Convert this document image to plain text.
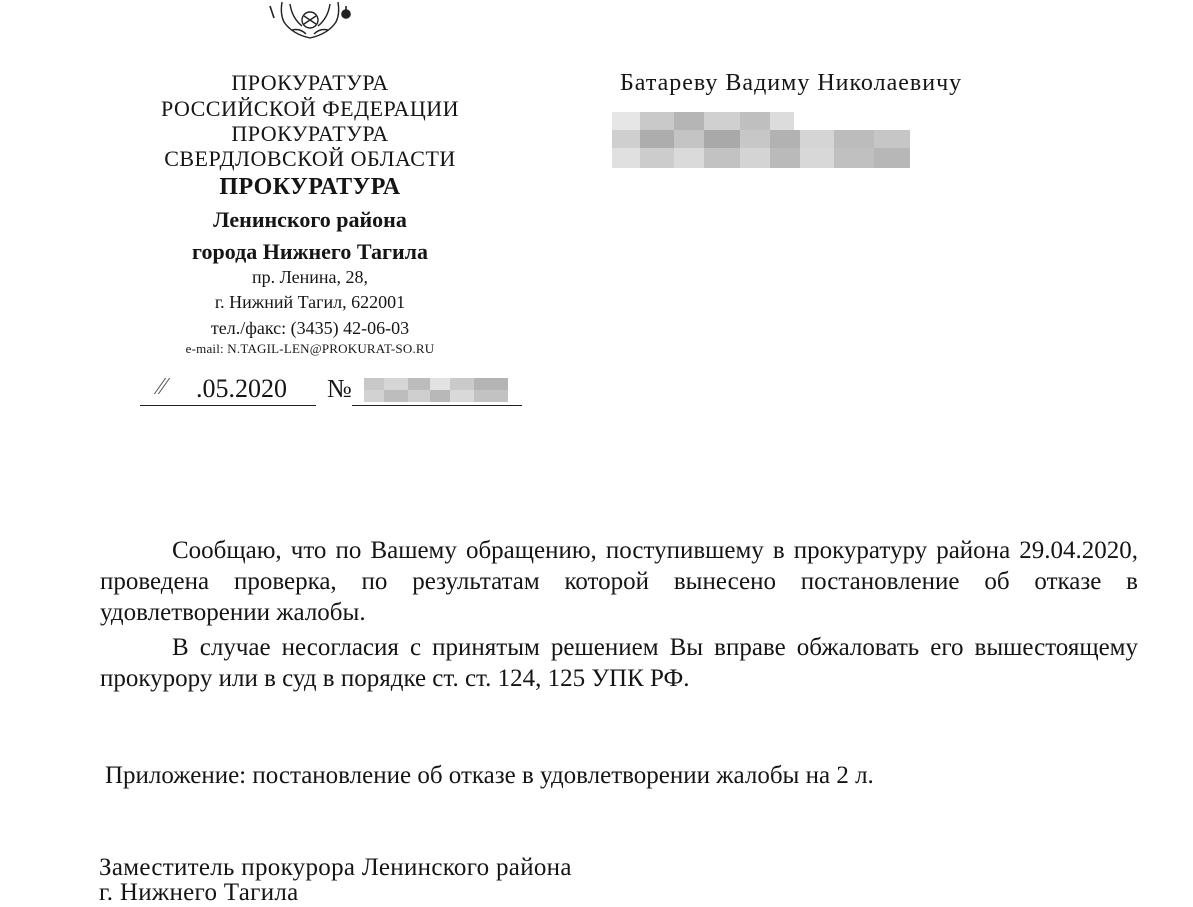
ПРОКУРАТУРА
РОССИЙСКОЙ ФЕДЕРАЦИИ
ПРОКУРАТУРА
СВЕРДЛОВСКОЙ ОБЛАСТИ
ПРОКУРАТУРА
Ленинского района
города Нижнего Тагила
пр. Ленина, 28,
г. Нижний Тагил, 622001
тел./факс: (3435) 42-06-03
e-mail: N.TAGIL-LEN@PROKURAT-SO.RU
⁄⁄ .05.2020 №
Батареву Вадиму Николаевичу
Сообщаю, что по Вашему обращению, поступившему в прокуратуру района 29.04.2020, проведена проверка, по результатам которой вынесено постановление об отказе в удовлетворении жалобы.
В случае несогласия с принятым решением Вы вправе обжаловать его вышестоящему прокурору или в суд в порядке ст. ст. 124, 125 УПК РФ.
Приложение: постановление об отказе в удовлетворении жалобы на 2 л.
Заместитель прокурора Ленинского района
г. Нижнего Тагила
